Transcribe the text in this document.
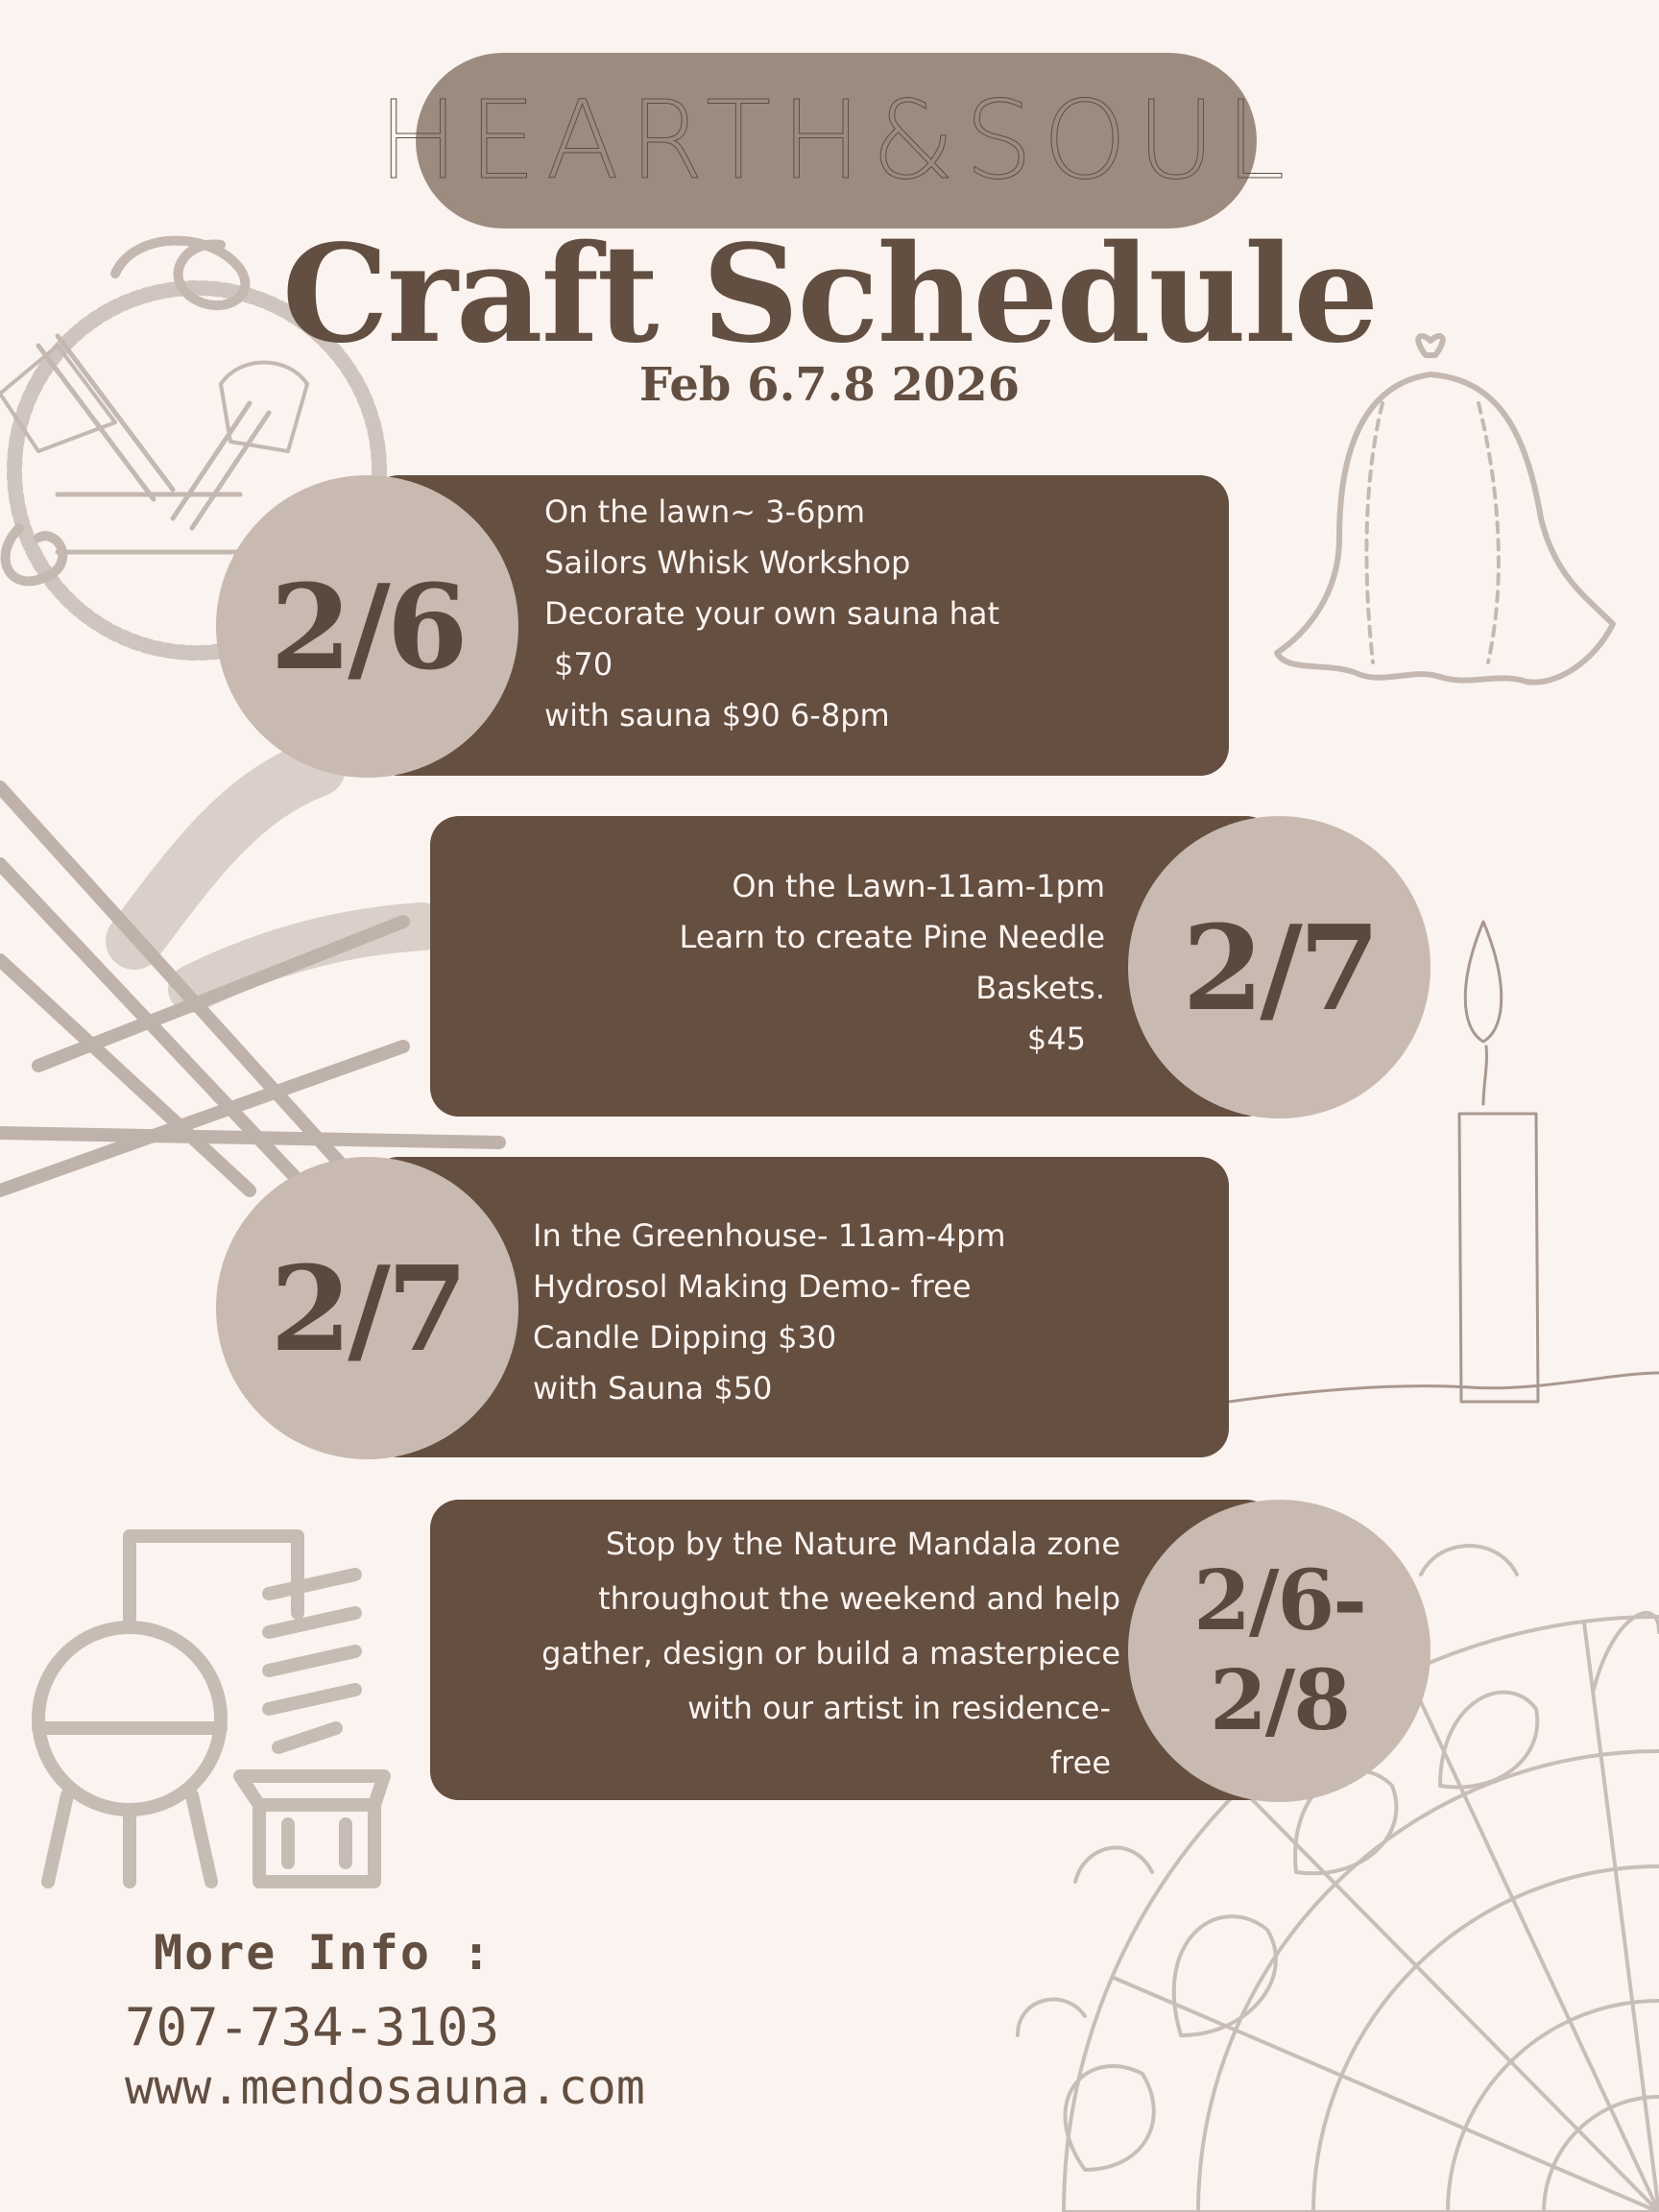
HEARTH&SOUL
Craft Schedule
Feb 6.7.8 2026
On the lawn~ 3-6pm
Sailors Whisk Workshop
Decorate your own sauna hat
$70
with sauna $90 6-8pm
2/6
On the Lawn-11am-1pm
Learn to create Pine Needle
Baskets.
$45
2/7
In the Greenhouse- 11am-4pm
Hydrosol Making Demo- free
Candle Dipping $30
with Sauna $50
2/7
Stop by the Nature Mandala zone
throughout the weekend and help
gather, design or build a masterpiece
with our artist in residence-
free
2/6-
2/8
More Info :
707-734-3103
www.mendosauna.com
